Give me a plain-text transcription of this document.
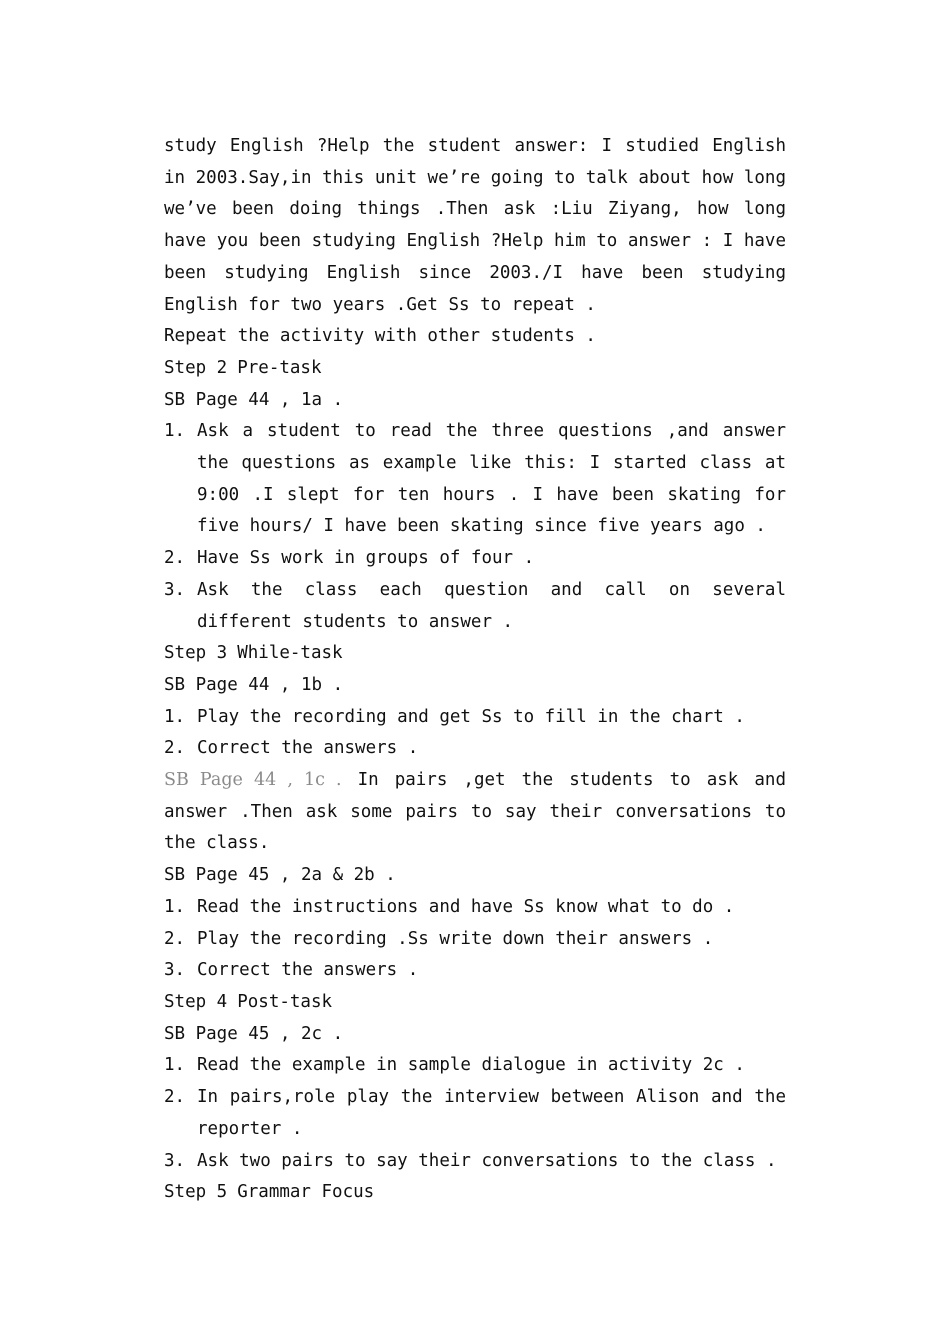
study English ?Help the student answer: I studied English in 2003.Say,in this unit we’re going to talk about how long we’ve been doing things .Then ask :Liu Ziyang, how long have you been studying English ?Help him to answer : I have been studying English since 2003./I have been studying English for two years .Get Ss to repeat .

Repeat the activity with other students .

Step 2 Pre-task

SB Page 44 , 1a .

1. Ask a student to read the three questions ,and answer the questions as example like this: I started class at 9:00 .I slept for ten hours . I have been skating for five hours/ I have been skating since five years ago .
2. Have Ss work in groups of four .
3. Ask the class each question and call on several different students to answer .

Step 3 While-task

SB Page 44 , 1b .

1. Play the recording and get Ss to fill in the chart .
2. Correct the answers .

SB Page 44 , 1c . In pairs ,get the students to ask and answer .Then ask some pairs to say their conversations to the class.

SB Page 45 , 2a & 2b .

1. Read the instructions and have Ss know what to do .
2. Play the recording .Ss write down their answers .
3. Correct the answers .

Step 4 Post-task

SB Page 45 , 2c .

1. Read the example in sample dialogue in activity 2c .
2. In pairs,role play the interview between Alison and the reporter .
3. Ask two pairs to say their conversations to the class .

Step 5 Grammar Focus
